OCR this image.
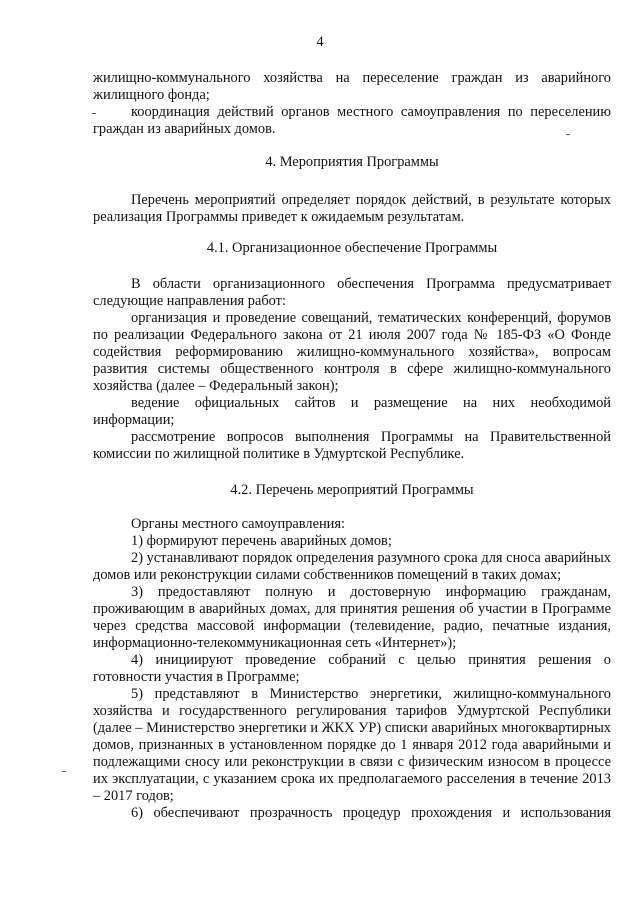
4

жилищно-коммунального хозяйства на переселение граждан из аварийного

жилищного фонда;

координация действий органов местного самоуправления по переселению граждан из аварийных домов.

4. Мероприятия Программы

Перечень мероприятий определяет порядок действий, в результате которых реализация Программы приведет к ожидаемым результатам.

4.1. Организационное обеспечение Программы

В области организационного обеспечения Программа предусматривает следующие направления работ:

организация и проведение совещаний, тематических конференций, форумов по реализации Федерального закона от 21 июля 2007 года № 185-ФЗ «О Фонде содействия реформированию жилищно-коммунального хозяйства», вопросам развития системы общественного контроля в сфере жилищно-коммунального хозяйства (далее – Федеральный закон);

ведение официальных сайтов и размещение на них необходимой информации;

рассмотрение вопросов выполнения Программы на Правительственной комиссии по жилищной политике в Удмуртской Республике.

4.2. Перечень мероприятий Программы

Органы местного самоуправления:

1) формируют перечень аварийных домов;

2) устанавливают порядок определения разумного срока для сноса аварийных домов или реконструкции силами собственников помещений в таких домах;

3) предоставляют полную и достоверную информацию гражданам, проживающим в аварийных домах, для принятия решения об участии в Программе через средства массовой информации (телевидение, радио, печатные издания, информационно-телекоммуникационная сеть «Интернет»);

4) инициируют проведение собраний с целью принятия решения о готовности участия в Программе;

5) представляют в Министерство энергетики, жилищно-коммунального хозяйства и государственного регулирования тарифов Удмуртской Республики (далее – Министерство энергетики и ЖКХ УР) списки аварийных многоквартирных домов, признанных в установленном порядке до 1 января 2012 года аварийными и подлежащими сносу или реконструкции в связи с физическим износом в процессе их эксплуатации, с указанием срока их предполагаемого расселения в течение 2013 – 2017 годов;

6) обеспечивают прозрачность процедур прохождения и использования
